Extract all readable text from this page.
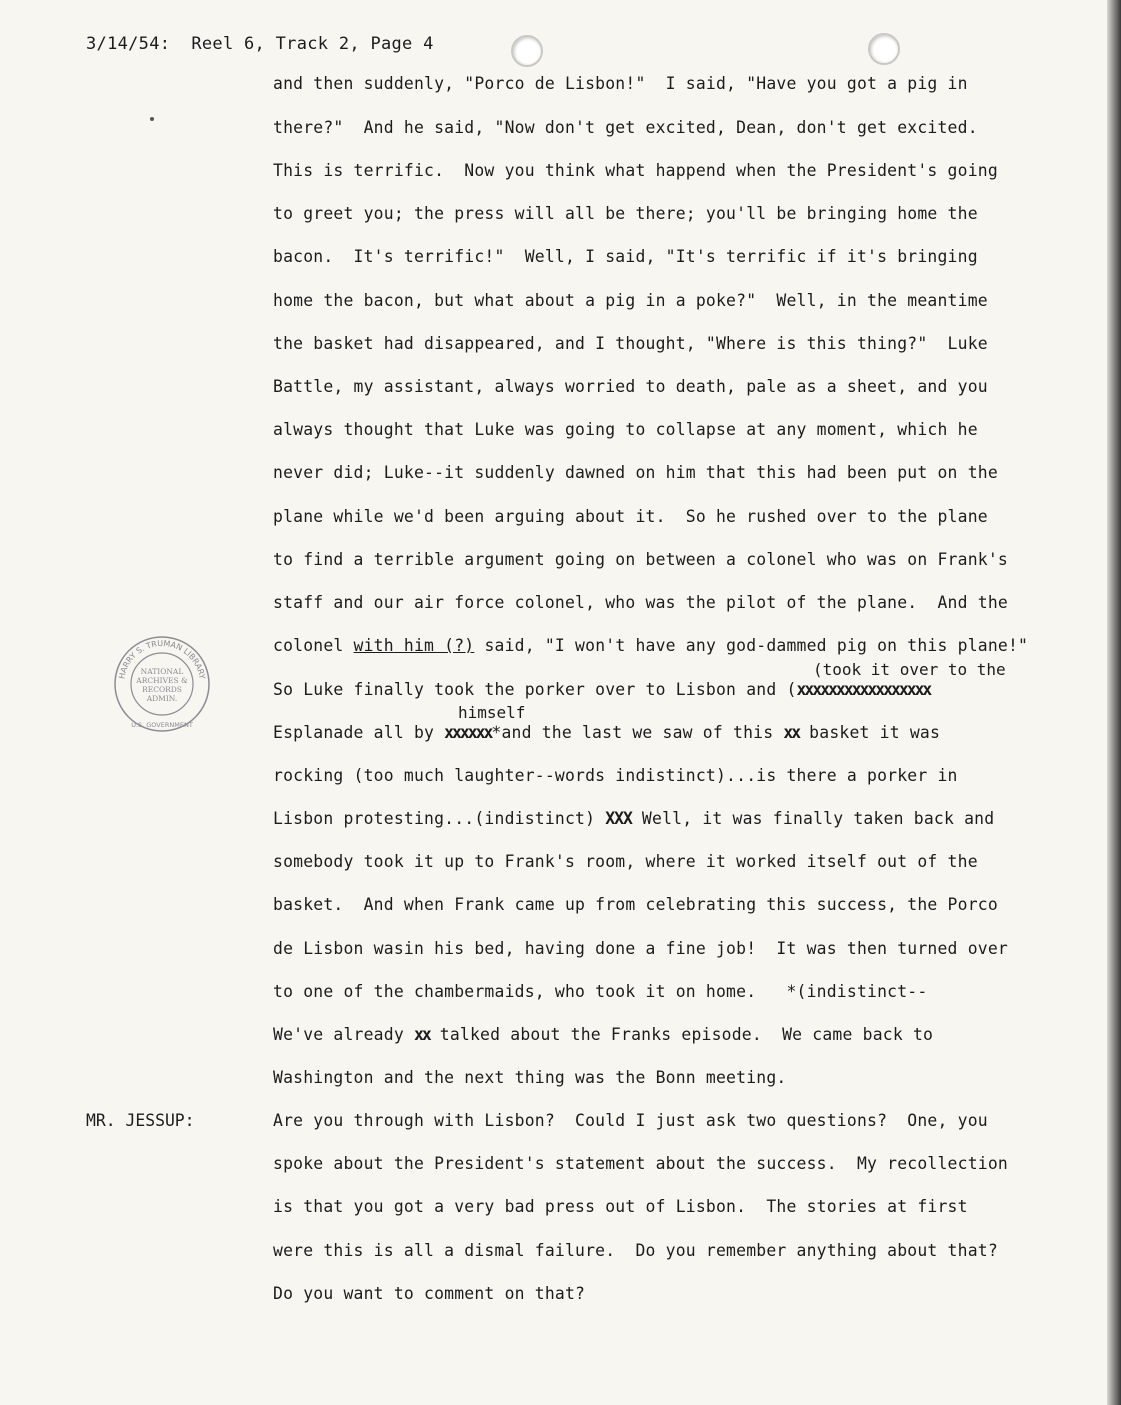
3/14/54:  Reel 6, Track 2, Page 4
and then suddenly, "Porco de Lisbon!"  I said, "Have you got a pig in
there?"  And he said, "Now don't get excited, Dean, don't get excited.
This is terrific.  Now you think what happend when the President's going
to greet you; the press will all be there; you'll be bringing home the
bacon.  It's terrific!"  Well, I said, "It's terrific if it's bringing
home the bacon, but what about a pig in a poke?"  Well, in the meantime
the basket had disappeared, and I thought, "Where is this thing?"  Luke
Battle, my assistant, always worried to death, pale as a sheet, and you
always thought that Luke was going to collapse at any moment, which he
never did; Luke--it suddenly dawned on him that this had been put on the
plane while we'd been arguing about it.  So he rushed over to the plane
to find a terrible argument going on between a colonel who was on Frank's
staff and our air force colonel, who was the pilot of the plane.  And the
colonel with him (?) said, "I won't have any god-dammed pig on this plane!"
(took it over to the
So Luke finally took the porker over to Lisbon and (xxxxxxxxxxxxxxxxx
himself
Esplanade all by xxxxxx*and the last we saw of this xx basket it was
rocking (too much laughter--words indistinct)...is there a porker in
Lisbon protesting...(indistinct) XXX Well, it was finally taken back and
somebody took it up to Frank's room, where it worked itself out of the
basket.  And when Frank came up from celebrating this success, the Porco
de Lisbon wasin his bed, having done a fine job!  It was then turned over
to one of the chambermaids, who took it on home.   *(indistinct--
We've already xx talked about the Franks episode.  We came back to
Washington and the next thing was the Bonn meeting.
MR. JESSUP:	Are you through with Lisbon?  Could I just ask two questions?  One, you
spoke about the President's statement about the success.  My recollection
is that you got a very bad press out of Lisbon.  The stories at first
were this is all a dismal failure.  Do you remember anything about that?
Do you want to comment on that?
HARRY S. TRUMAN LIBRARY
NATIONAL
ARCHIVES &
RECORDS
ADMIN.
U.S. GOVERNMENT
